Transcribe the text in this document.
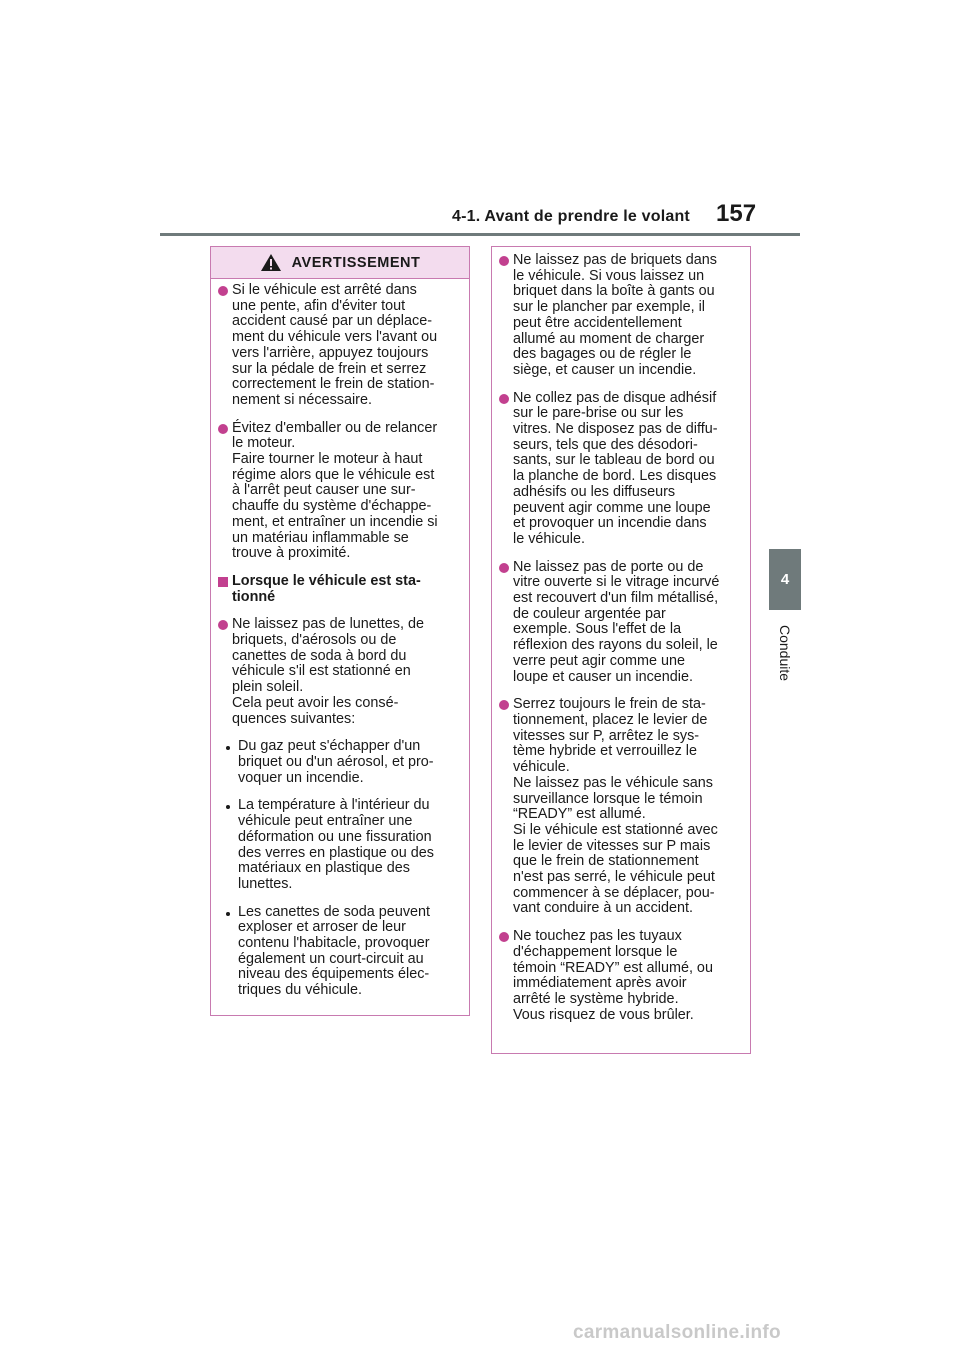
4-1. Avant de prendre le volant 157
4
Conduite
AVERTISSEMENT
Si le véhicule est arrêté dans
une pente, afin d'éviter tout
accident causé par un déplace-
ment du véhicule vers l'avant ou
vers l'arrière, appuyez toujours
sur la pédale de frein et serrez
correctement le frein de station-
nement si nécessaire.
Évitez d'emballer ou de relancer
le moteur.
Faire tourner le moteur à haut
régime alors que le véhicule est
à l'arrêt peut causer une sur-
chauffe du système d'échappe-
ment, et entraîner un incendie si
un matériau inflammable se
trouve à proximité.
Lorsque le véhicule est sta-
tionné
Ne laissez pas de lunettes, de
briquets, d'aérosols ou de
canettes de soda à bord du
véhicule s'il est stationné en
plein soleil.
Cela peut avoir les consé-
quences suivantes:
Du gaz peut s'échapper d'un
briquet ou d'un aérosol, et pro-
voquer un incendie.
La température à l'intérieur du
véhicule peut entraîner une
déformation ou une fissuration
des verres en plastique ou des
matériaux en plastique des
lunettes.
Les canettes de soda peuvent
exploser et arroser de leur
contenu l'habitacle, provoquer
également un court-circuit au
niveau des équipements élec-
triques du véhicule.
Ne laissez pas de briquets dans
le véhicule. Si vous laissez un
briquet dans la boîte à gants ou
sur le plancher par exemple, il
peut être accidentellement
allumé au moment de charger
des bagages ou de régler le
siège, et causer un incendie.
Ne collez pas de disque adhésif
sur le pare-brise ou sur les
vitres. Ne disposez pas de diffu-
seurs, tels que des désodori-
sants, sur le tableau de bord ou
la planche de bord. Les disques
adhésifs ou les diffuseurs
peuvent agir comme une loupe
et provoquer un incendie dans
le véhicule.
Ne laissez pas de porte ou de
vitre ouverte si le vitrage incurvé
est recouvert d'un film métallisé,
de couleur argentée par
exemple. Sous l'effet de la
réflexion des rayons du soleil, le
verre peut agir comme une
loupe et causer un incendie.
Serrez toujours le frein de sta-
tionnement, placez le levier de
vitesses sur P, arrêtez le sys-
tème hybride et verrouillez le
véhicule.
Ne laissez pas le véhicule sans
surveillance lorsque le témoin
“READY” est allumé.
Si le véhicule est stationné avec
le levier de vitesses sur P mais
que le frein de stationnement
n'est pas serré, le véhicule peut
commencer à se déplacer, pou-
vant conduire à un accident.
Ne touchez pas les tuyaux
d'échappement lorsque le
témoin “READY” est allumé, ou
immédiatement après avoir
arrêté le système hybride.
Vous risquez de vous brûler.
carmanualsonline.info
